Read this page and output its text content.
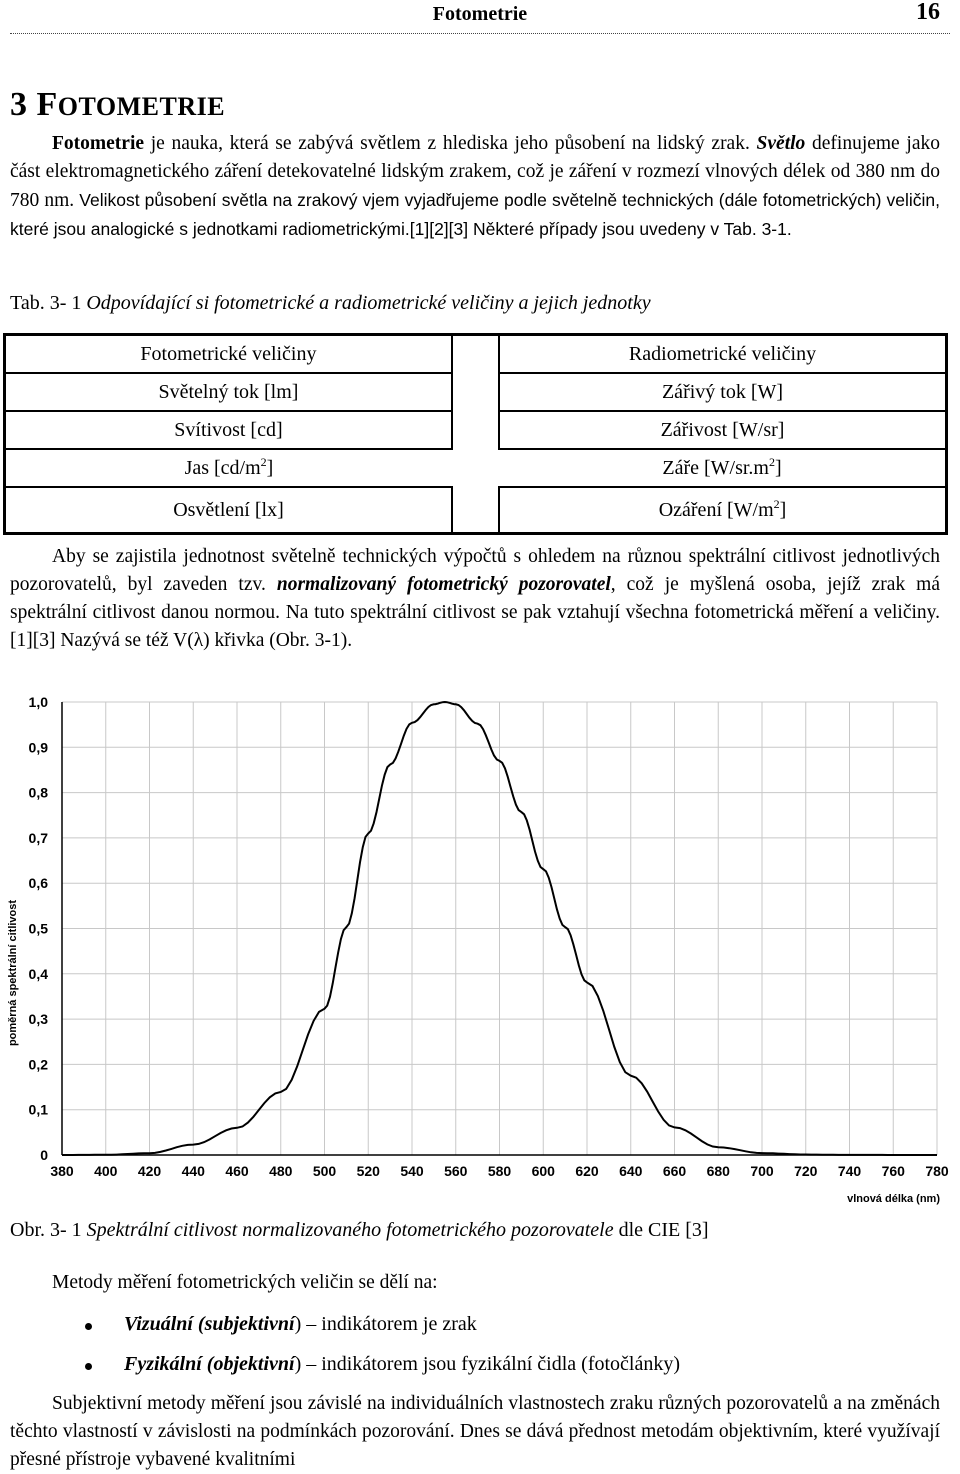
Fotometrie	16
3 FOTOMETRIE
Fotometrie je nauka, která se zabývá světlem z hlediska jeho působení na lidský zrak. Světlo definujeme jako část elektromagnetického záření detekovatelné lidským zrakem, což je záření v rozmezí vlnových délek od 380 nm do 780 nm. Velikost působení světla na zrakový vjem vyjadřujeme podle světelně technických (dále fotometrických) veličin, které jsou analogické s jednotkami radiometrickými.[1][2][3] Některé případy jsou uvedeny v Tab. 3-1.
Tab. 3- 1 Odpovídající si fotometrické a radiometrické veličiny a jejich jednotky
Fotometrické veličiny		Radiometrické veličiny
Světelný tok [lm]		Zářivý tok [W]
Svítivost [cd]		Zářivost [W/sr]
Jas $[cd/m^2]$		Záře $[W/sr.m^2]$
Osvětlení [lx]		Ozáření $[W/m^2]$
Aby se zajistila jednotnost světelně technických výpočtů s ohledem na různou spektrální citlivost jednotlivých pozorovatelů, byl zaveden tzv. normalizovaný fotometrický pozorovatel, což je myšlená osoba, jejíž zrak má spektrální citlivost danou normou. Na tuto spektrální citlivost se pak vztahují všechna fotometrická měření a veličiny.[1][3] Nazývá se též V(λ) křivka (Obr. 3-1).
0
0,1
0,2
0,3
0,4
0,5
0,6
0,7
0,8
0,9
1,0
380 400 420 440 460 480 500 520 540 560 580 600 620 640 660 680 700 720 740 760 780
poměrná spektrální citlivost
vlnová délka (nm)
Obr. 3- 1 Spektrální citlivost normalizovaného fotometrického pozorovatele dle CIE [3]
Metody měření fotometrických veličin se dělí na:
Vizuální (subjektivní) – indikátorem je zrak
Fyzikální (objektivní) – indikátorem jsou fyzikální čidla (fotočlánky)
Subjektivní metody měření jsou závislé na individuálních vlastnostech zraku různých pozorovatelů a na změnách těchto vlastností v závislosti na podmínkách pozorování. Dnes se dává přednost metodám objektivním, které využívají přesné přístroje vybavené kvalitními
